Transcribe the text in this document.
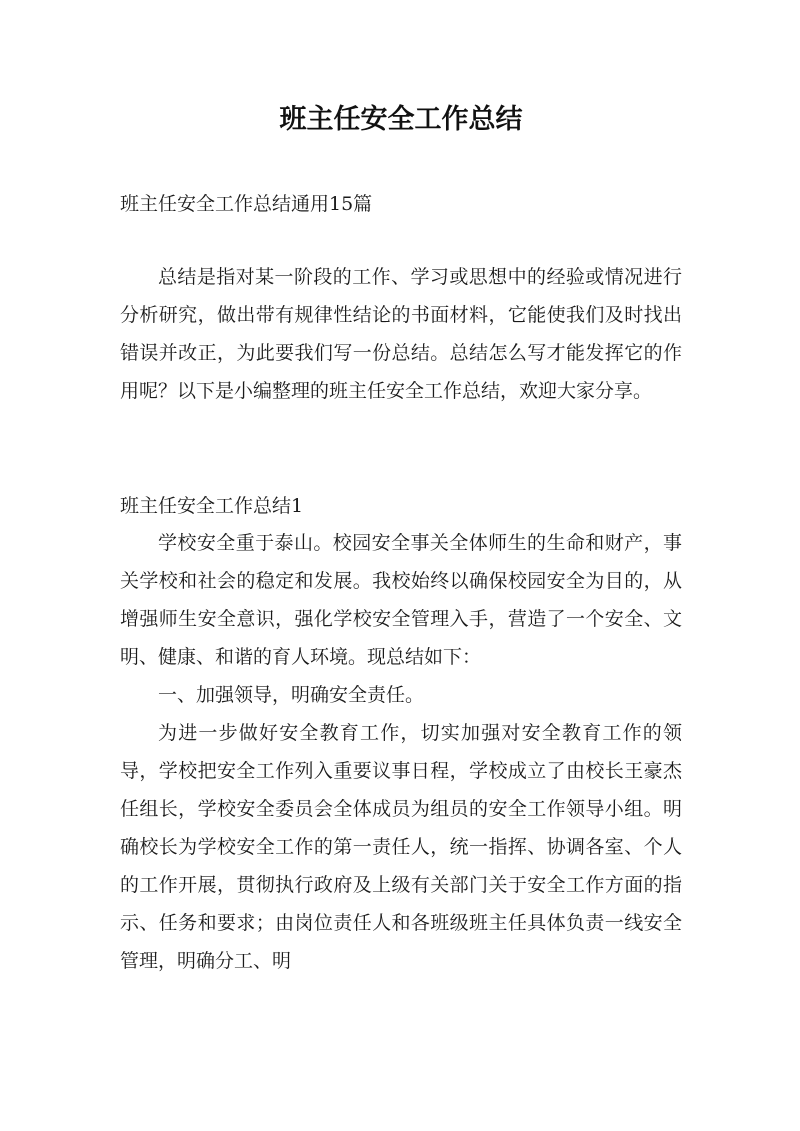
班主任安全工作总结

班主任安全工作总结通用15篇

总结是指对某一阶段的工作、学习或思想中的经验或情况进行分析研究，做出带有规律性结论的书面材料，它能使我们及时找出错误并改正，为此要我们写一份总结。总结怎么写才能发挥它的作用呢？以下是小编整理的班主任安全工作总结，欢迎大家分享。

班主任安全工作总结1

学校安全重于泰山。校园安全事关全体师生的生命和财产，事关学校和社会的稳定和发展。我校始终以确保校园安全为目的，从增强师生安全意识，强化学校安全管理入手，营造了一个安全、文明、健康、和谐的育人环境。现总结如下：

一、加强领导，明确安全责任。

为进一步做好安全教育工作，切实加强对安全教育工作的领导，学校把安全工作列入重要议事日程，学校成立了由校长王豪杰任组长，学校安全委员会全体成员为组员的安全工作领导小组。明确校长为学校安全工作的第一责任人，统一指挥、协调各室、个人的工作开展，贯彻执行政府及上级有关部门关于安全工作方面的指示、任务和要求；由岗位责任人和各班级班主任具体负责一线安全管理，明确分工、明
